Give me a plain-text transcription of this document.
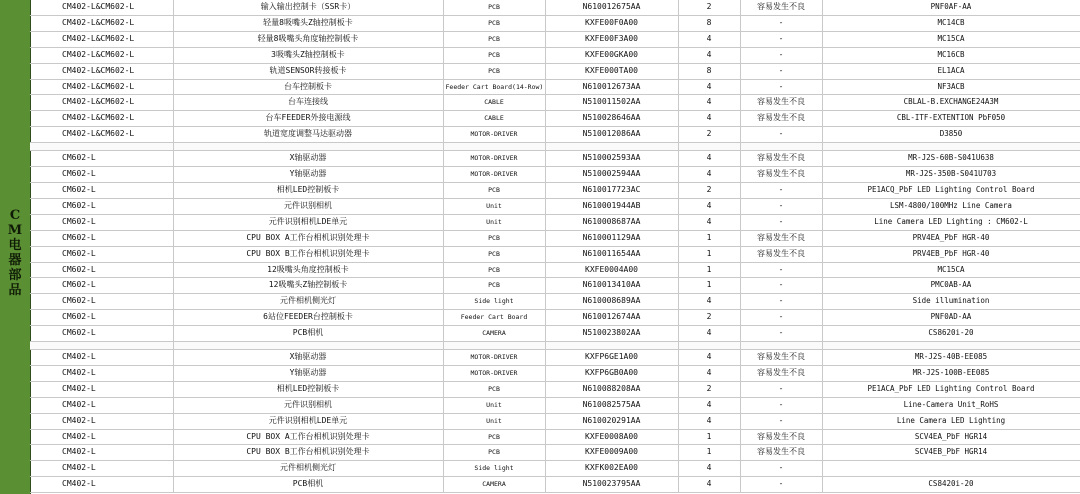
CM电器部品
CM402-L&CM602-L	输入输出控制卡（SSR卡）	PCB	N610012675AA	2	容易发生不良	PNF0AF-AA
CM402-L&CM602-L	轻量8吸嘴头Z轴控制板卡	PCB	KXFE00F0A00	8	-	MC14CB
CM402-L&CM602-L	轻量8吸嘴头角度轴控制板卡	PCB	KXFE00F3A00	4	-	MC15CA
CM402-L&CM602-L	3吸嘴头Z轴控制板卡	PCB	KXFE00GKA00	4	-	MC16CB
CM402-L&CM602-L	轨道SENSOR转接板卡	PCB	KXFE000TA00	8	-	EL1ACA
CM402-L&CM602-L	台车控制板卡	Feeder Cart Board(14-Row)	N610012673AA	4	-	NF3ACB
CM402-L&CM602-L	台车连接线	CABLE	N510011502AA	4	容易发生不良	CBLAL-B.EXCHANGE24A3M
CM402-L&CM602-L	台车FEEDER外接电源线	CABLE	N510028646AA	4	容易发生不良	CBL-ITF-EXTENTION PbF050
CM402-L&CM602-L	轨道宽度调整马达驱动器	MOTOR-DRIVER	N510012086AA	2	-	D3850

CM602-L	X轴驱动器	MOTOR-DRIVER	N510002593AA	4	容易发生不良	MR-J2S-60B-S041U638
CM602-L	Y轴驱动器	MOTOR-DRIVER	N510002594AA	4	容易发生不良	MR-J2S-350B-S041U703
CM602-L	相机LED控制板卡	PCB	N610017723AC	2	-	PE1ACQ_PbF LED Lighting Control Board
CM602-L	元件识别相机	Unit	N610001944AB	4	-	LSM-4800/100MHz Line Camera
CM602-L	元件识别相机LDE单元	Unit	N610008687AA	4	-	Line Camera LED Lighting : CM602-L
CM602-L	CPU BOX A工作台相机识别处理卡	PCB	N610001129AA	1	容易发生不良	PRV4EA_PbF HGR-40
CM602-L	CPU BOX B工作台相机识别处理卡	PCB	N610011654AA	1	容易发生不良	PRV4EB_PbF HGR-40
CM602-L	12吸嘴头角度控制板卡	PCB	KXFE0004A00	1	-	MC15CA
CM602-L	12吸嘴头Z轴控制板卡	PCB	N610013410AA	1	-	PMC0AB-AA
CM602-L	元件相机侧光灯	Side light	N610008689AA	4	-	Side illumination
CM602-L	6站位FEEDER台控制板卡	Feeder Cart Board	N610012674AA	2	-	PNF0AD-AA
CM602-L	PCB相机	CAMERA	N510023802AA	4	-	CS8620i-20

CM402-L	X轴驱动器	MOTOR-DRIVER	KXFP6GE1A00	4	容易发生不良	MR-J2S-40B-EE085
CM402-L	Y轴驱动器	MOTOR-DRIVER	KXFP6GB0A00	4	容易发生不良	MR-J2S-100B-EE085
CM402-L	相机LED控制板卡	PCB	N610088208AA	2	-	PE1ACA_PbF LED Lighting Control Board
CM402-L	元件识别相机	Unit	N610082575AA	4	-	Line-Camera Unit_RoHS
CM402-L	元件识别相机LDE单元	Unit	N610020291AA	4	-	Line Camera LED Lighting
CM402-L	CPU BOX A工作台相机识别处理卡	PCB	KXFE0008A00	1	容易发生不良	SCV4EA_PbF HGR14
CM402-L	CPU BOX B工作台相机识别处理卡	PCB	KXFE0009A00	1	容易发生不良	SCV4EB_PbF HGR14
CM402-L	元件相机侧光灯	Side light	KXFK002EA00	4	-	
CM402-L	PCB相机	CAMERA	N510023795AA	4	-	CS8420i-20
